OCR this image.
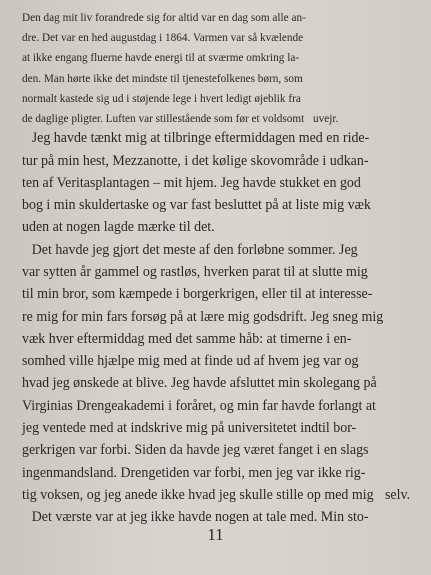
Den dag mit liv forandrede sig for altid var en dag som alle an-dre. Det var en hed augustdag i 1864. Varmen var så kvælendeat ikke engang fluerne havde energi til at sværme omkring la-den. Man hørte ikke det mindste til tjenestefolkenes børn, somnormalt kastede sig ud i støjende lege i hvert ledigt øjeblik frade daglige pligter. Luften var stillestående som før et voldsomt uvejr.
Jeg havde tænkt mig at tilbringe eftermiddagen med en ride-tur på min hest, Mezzanotte, i det kølige skovområde i udkan-ten af Veritasplantagen – mit hjem. Jeg havde stukket en godbog i min skuldertaske og var fast besluttet på at liste mig vækuden at nogen lagde mærke til det.
Det havde jeg gjort det meste af den forløbne sommer. Jegvar sytten år gammel og rastløs, hverken parat til at slutte migtil min bror, som kæmpede i borgerkrigen, eller til at interesse-re mig for min fars forsøg på at lære mig godsdrift. Jeg sneg migvæk hver eftermiddag med det samme håb: at timerne i en-somhed ville hjælpe mig med at finde ud af hvem jeg var oghvad jeg ønskede at blive. Jeg havde afsluttet min skolegang påVirginias Drengeakademi i foråret, og min far havde forlangt atjeg ventede med at indskrive mig på universitetet indtil bor-gerkrigen var forbi. Siden da havde jeg været fanget i en slagsingenmandsland. Drengetiden var forbi, men jeg var ikke rig-tig voksen, og jeg anede ikke hvad jeg skulle stille op med mig selv.
Det værste var at jeg ikke havde nogen at tale med. Min sto-
11
